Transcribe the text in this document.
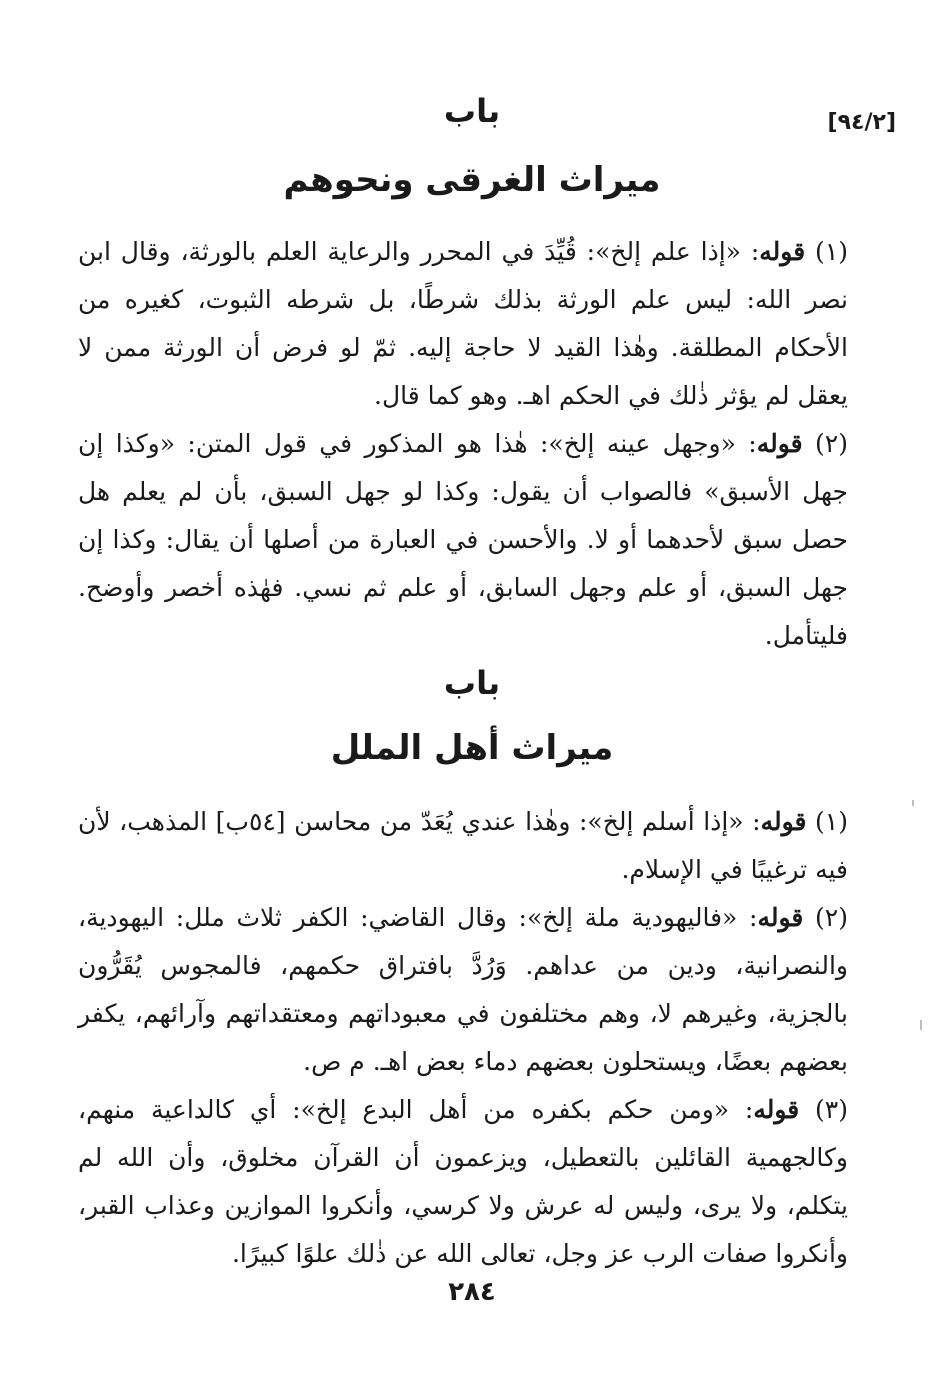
[٩٤/٢]
باب
ميراث الغرقى ونحوهم

(١) قوله: «إذا علم إلخ»: قُيِّدَ في المحرر والرعاية العلم بالورثة، وقال ابن نصر الله: ليس علم الورثة بذلك شرطًا، بل شرطه الثبوت، كغيره من الأحكام المطلقة. وهٰذا القيد لا حاجة إليه. ثمّ لو فرض أن الورثة ممن لا يعقل لم يؤثر ذٰلك في الحكم اهـ. وهو كما قال.

(٢) قوله: «وجهل عينه إلخ»: هٰذا هو المذكور في قول المتن: «وكذا إن جهل الأسبق» فالصواب أن يقول: وكذا لو جهل السبق، بأن لم يعلم هل حصل سبق لأحدهما أو لا. والأحسن في العبارة من أصلها أن يقال: وكذا إن جهل السبق، أو علم وجهل السابق، أو علم ثم نسي. فهٰذه أخصر وأوضح. فليتأمل.

باب
ميراث أهل الملل

(١) قوله: «إذا أسلم إلخ»: وهٰذا عندي يُعَدّ من محاسن [٥٤ب] المذهب، لأن فيه ترغيبًا في الإسلام.

(٢) قوله: «فاليهودية ملة إلخ»: وقال القاضي: الكفر ثلاث ملل: اليهودية، والنصرانية، ودين من عداهم. وَرُدَّ بافتراق حكمهم، فالمجوس يُقَرُّون بالجزية، وغيرهم لا، وهم مختلفون في معبوداتهم ومعتقداتهم وآرائهم، يكفر بعضهم بعضًا، ويستحلون بعضهم دماء بعض اهـ. م ص.

(٣) قوله: «ومن حكم بكفره من أهل البدع إلخ»: أي كالداعية منهم، وكالجهمية القائلين بالتعطيل، ويزعمون أن القرآن مخلوق، وأن الله لم يتكلم، ولا يرى، وليس له عرش ولا كرسي، وأنكروا الموازين وعذاب القبر، وأنكروا صفات الرب عز وجل، تعالى الله عن ذٰلك علوًا كبيرًا.

٢٨٤
